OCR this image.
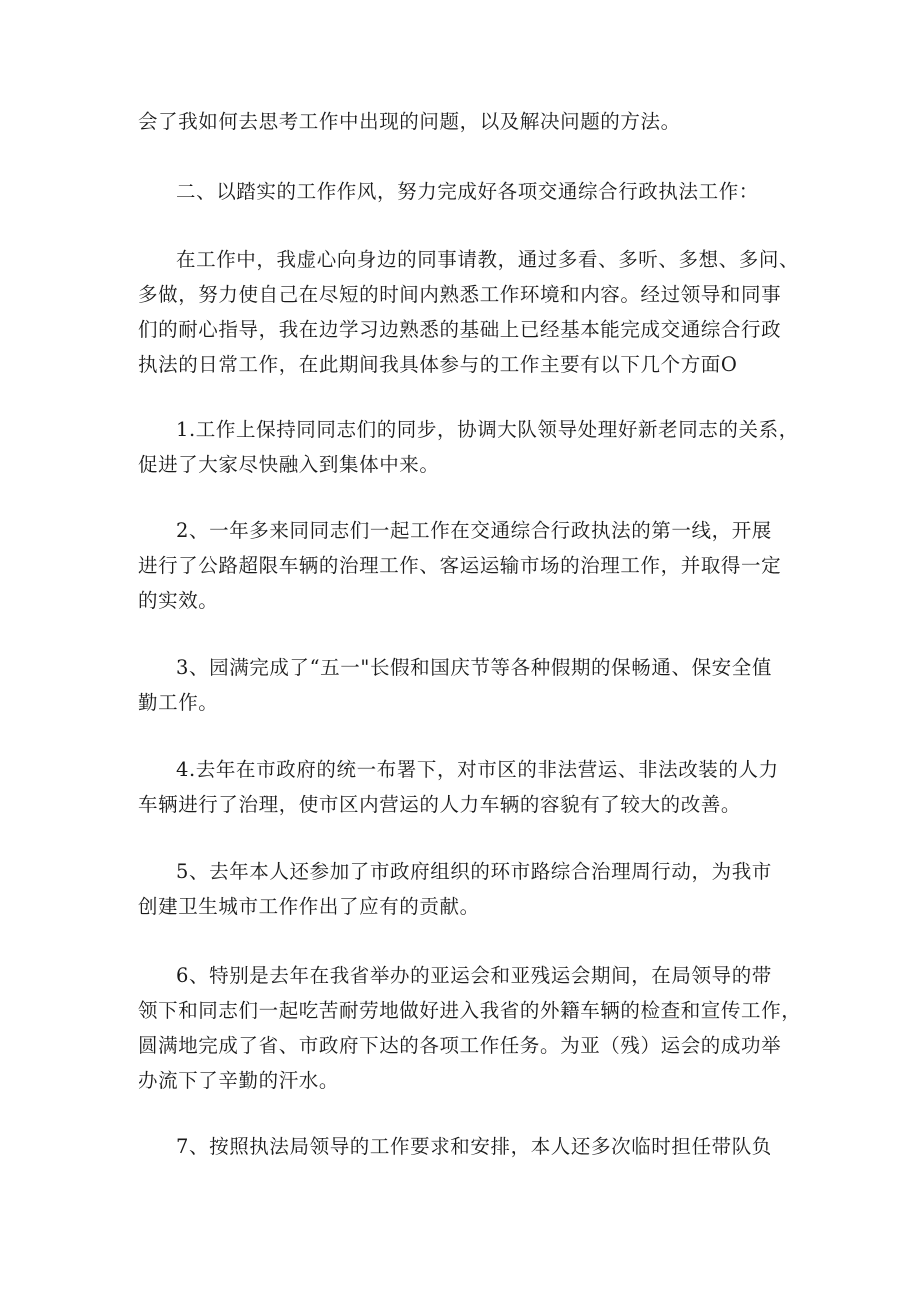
会了我如何去思考工作中出现的问题，以及解决问题的方法。

二、以踏实的工作作风，努力完成好各项交通综合行政执法工作：

在工作中，我虚心向身边的同事请教，通过多看、多听、多想、多问、
多做，努力使自己在尽短的时间内熟悉工作环境和内容。经过领导和同事
们的耐心指导，我在边学习边熟悉的基础上已经基本能完成交通综合行政
执法的日常工作，在此期间我具体参与的工作主要有以下几个方面O

1.工作上保持同同志们的同步，协调大队领导处理好新老同志的关系，
促进了大家尽快融入到集体中来。

2、一年多来同同志们一起工作在交通综合行政执法的第一线，开展
进行了公路超限车辆的治理工作、客运运输市场的治理工作，并取得一定
的实效。

3、园满完成了“五一"长假和国庆节等各种假期的保畅通、保安全值
勤工作。

4.去年在市政府的统一布署下，对市区的非法营运、非法改装的人力
车辆进行了治理，使市区内营运的人力车辆的容貌有了较大的改善。

5、去年本人还参加了市政府组织的环市路综合治理周行动，为我市
创建卫生城市工作作出了应有的贡献。

6、特别是去年在我省举办的亚运会和亚残运会期间，在局领导的带
领下和同志们一起吃苦耐劳地做好进入我省的外籍车辆的检查和宣传工作，
圆满地完成了省、市政府下达的各项工作任务。为亚（残）运会的成功举
办流下了辛勤的汗水。

7、按照执法局领导的工作要求和安排，本人还多次临时担任带队负
